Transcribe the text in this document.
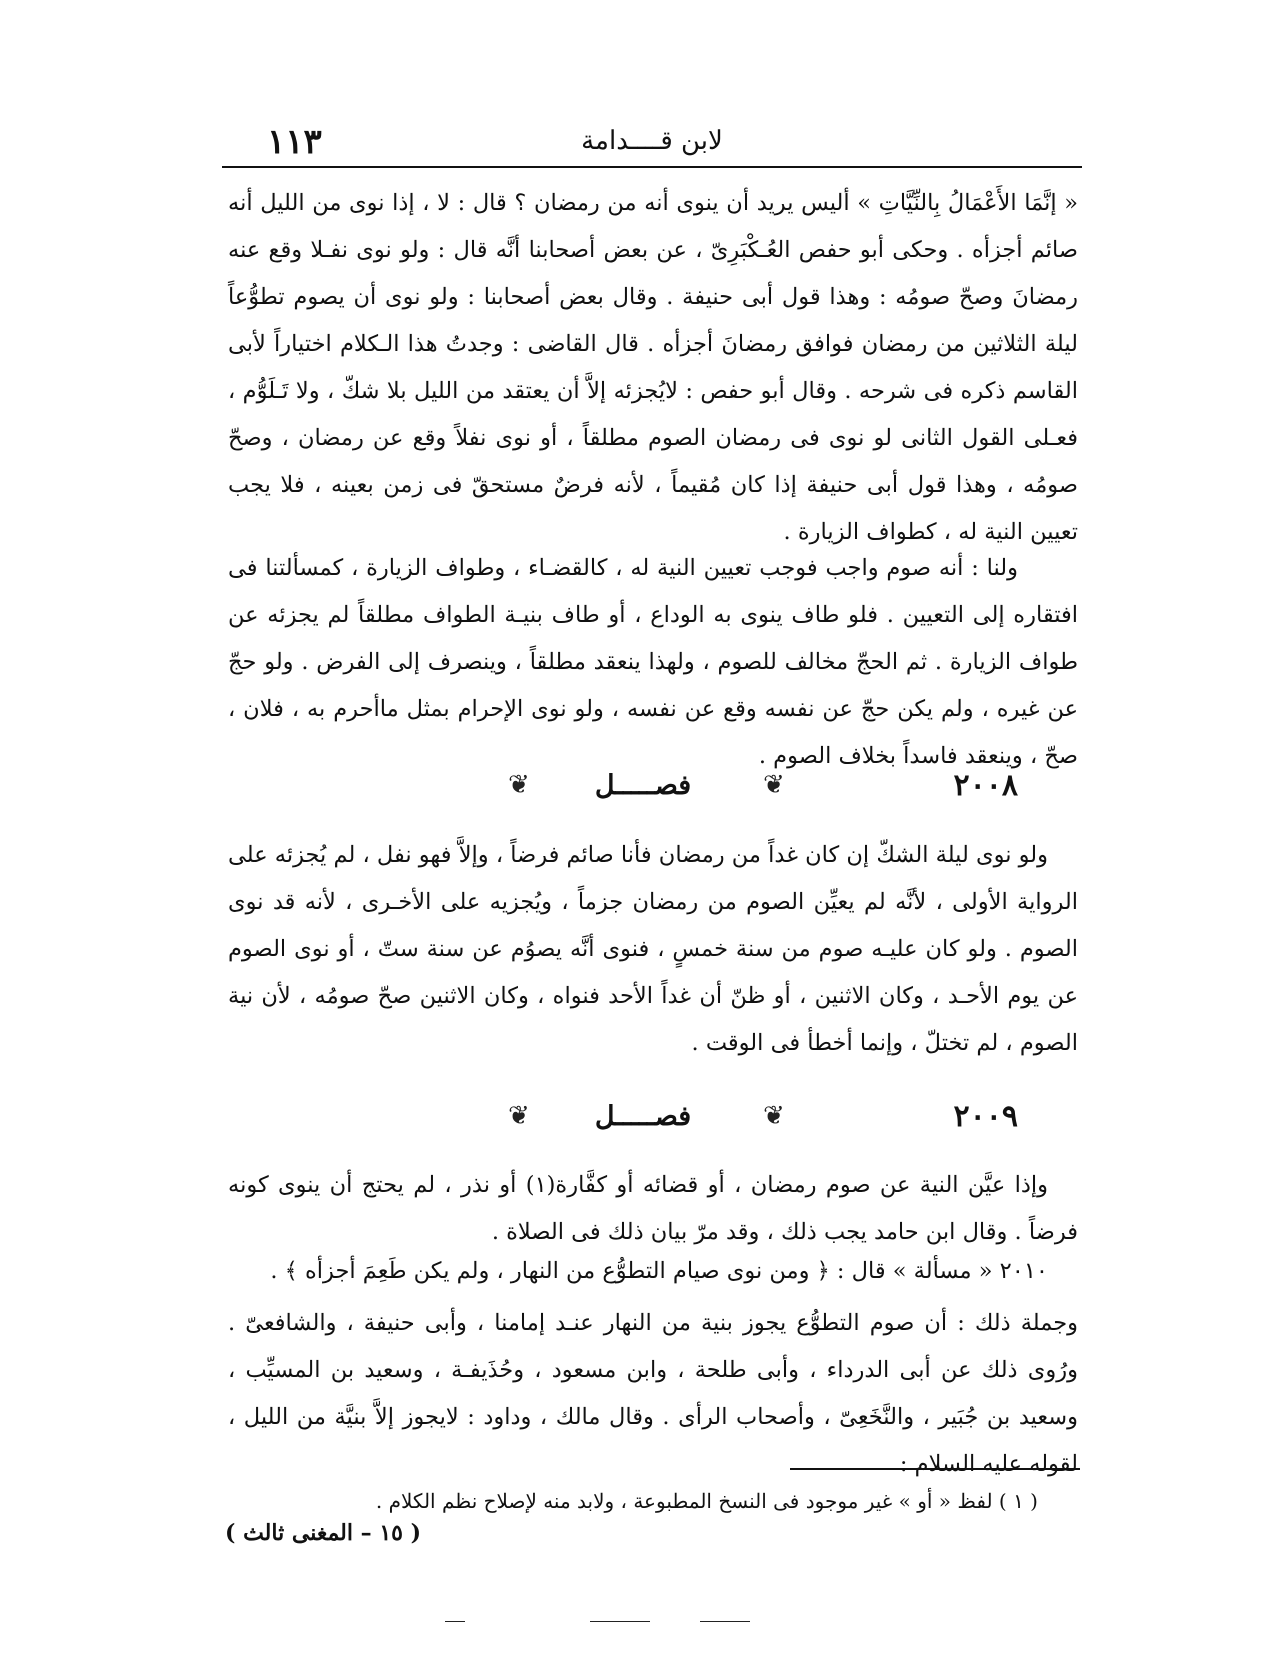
١١٣	لابن قــــدامة

« إنَّمَا الأَعْمَالُ بِالنِّيَّاتِ » أليس يريد أن ينوى أنه من رمضان ؟ قال : لا ، إذا نوى من الليل أنه صائم أجزأه . وحكى أبو حفص العُـكْبَرِىّ ، عن بعض أصحابنا أنَّه قال : ولو نوى نفـلا وقع عنه رمضانَ وصحّ صومُه : وهذا قول أبى حنيفة . وقال بعض أصحابنا : ولو نوى أن يصوم تطوُّعاً ليلة الثلاثين من رمضان فوافق رمضانَ أجزأه . قال القاضى : وجدتُ هذا الـكلام اختياراً لأبى القاسم ذكره فى شرحه . وقال أبو حفص : لايُجزئه إلاَّ أن يعتقد من الليل بلا شكّ ، ولا تَـلَوُّم ، فعـلى القول الثانى لو نوى فى رمضان الصوم مطلقاً ، أو نوى نفلاً وقع عن رمضان ، وصحّ صومُه ، وهذا قول أبى حنيفة إذا كان مُقيماً ، لأنه فرضٌ مستحقّ فى زمن بعينه ، فلا يجب تعيين النية له ، كطواف الزيارة .

ولنا : أنه صوم واجب فوجب تعيين النية له ، كالقضـاء ، وطواف الزيارة ، كمسألتنا فى افتقاره إلى التعيين . فلو طاف ينوى به الوداع ، أو طاف بنيـة الطواف مطلقاً لم يجزئه عن طواف الزيارة . ثم الحجّ مخالف للصوم ، ولهذا ينعقد مطلقاً ، وينصرف إلى الفرض . ولو حجّ عن غيره ، ولم يكن حجّ عن نفسه وقع عن نفسه ، ولو نوى الإحرام بمثل ماأحرم به ، فلان ، صحّ ، وينعقد فاسداً بخلاف الصوم .

٢٠٠٨
❦	فصـــــل	❦

ولو نوى ليلة الشكّ إن كان غداً من رمضان فأنا صائم فرضاً ، وإلاَّ فهو نفل ، لم يُجزئه على الرواية الأولى ، لأنَّه لم يعيِّن الصوم من رمضان جزماً ، ويُجزيه على الأخـرى ، لأنه قد نوى الصوم . ولو كان عليـه صوم من سنة خمسٍ ، فنوى أنَّه يصوُم عن سنة ستّ ، أو نوى الصوم عن يوم الأحـد ، وكان الاثنين ، أو ظنّ أن غداً الأحد فنواه ، وكان الاثنين صحّ صومُه ، لأن نية الصوم ، لم تختلّ ، وإنما أخطأ فى الوقت .

٢٠٠٩
❦	فصـــــل	❦

وإذا عيَّن النية عن صوم رمضان ، أو قضائه أو كفَّارة(١) أو نذر ، لم يحتج أن ينوى كونه فرضاً . وقال ابن حامد يجب ذلك ، وقد مرّ بيان ذلك فى الصلاة .

٢٠١٠ « مسألة » قال : ﴿ ومن نوى صيام التطوُّع من النهار ، ولم يكن طَعِمَ أجزأه ﴾ .

وجملة ذلك : أن صوم التطوُّع يجوز بنية من النهار عنـد إمامنا ، وأبى حنيفة ، والشافعىّ . ورُوى ذلك عن أبى الدرداء ، وأبى طلحة ، وابن مسعود ، وحُذَيفـة ، وسعيد بن المسيِّب ، وسعيد بن جُبَير ، والنَّخَعِىّ ، وأصحاب الرأى . وقال مالك ، وداود : لايجوز إلاَّ بنيَّة من الليل ، لقوله عليه السلام :

( ١ ) لفظ « أو » غير موجود فى النسخ المطبوعة ، ولابد منه لإصلاح نظم الكلام .
( ١٥ – المغنى ثالث )
